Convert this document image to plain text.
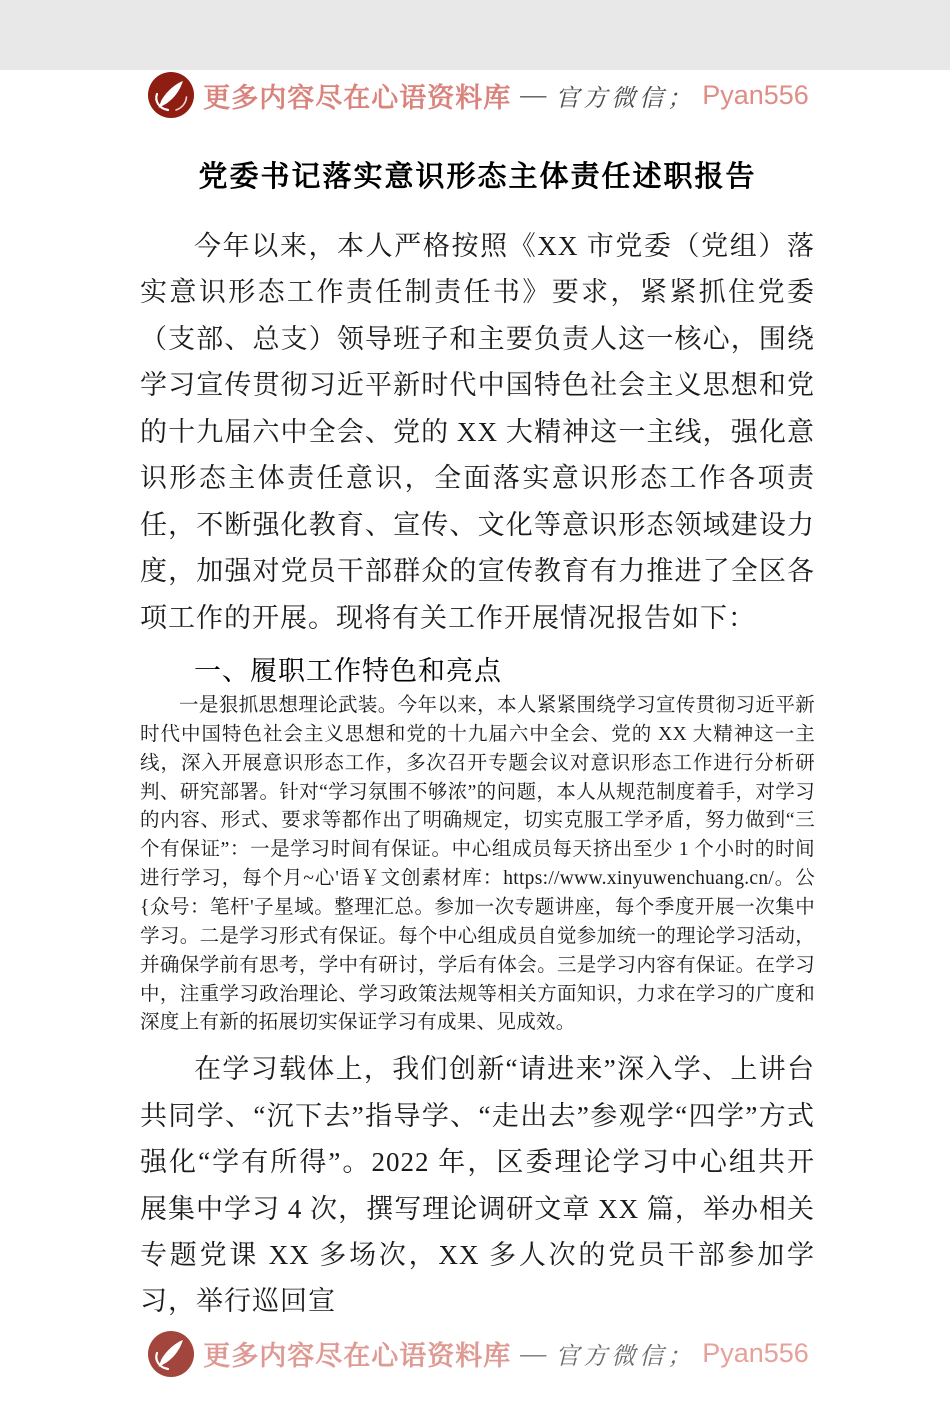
更多内容尽在心语资料库 — 官方微信； Pyan556
党委书记落实意识形态主体责任述职报告

今年以来，本人严格按照《XX 市党委（党组）落实意识形态工作责任制责任书》要求，紧紧抓住党委（支部、总支）领导班子和主要负责人这一核心，围绕学习宣传贯彻习近平新时代中国特色社会主义思想和党的十九届六中全会、党的 XX 大精神这一主线，强化意识形态主体责任意识，全面落实意识形态工作各项责任，不断强化教育、宣传、文化等意识形态领域建设力度，加强对党员干部群众的宣传教育有力推进了全区各项工作的开展。现将有关工作开展情况报告如下：

一、履职工作特色和亮点

一是狠抓思想理论武装。今年以来，本人紧紧围绕学习宣传贯彻习近平新时代中国特色社会主义思想和党的十九届六中全会、党的 XX 大精神这一主线，深入开展意识形态工作，多次召开专题会议对意识形态工作进行分析研判、研究部署。针对“学习氛围不够浓”的问题，本人从规范制度着手，对学习的内容、形式、要求等都作出了明确规定，切实克服工学矛盾，努力做到“三个有保证”：一是学习时间有保证。中心组成员每天挤出至少 1 个小时的时间进行学习，每个月~心'语￥文创素材库：https://www.xinyuwenchuang.cn/。公{众号：笔杆'子星域。整理汇总。参加一次专题讲座，每个季度开展一次集中学习。二是学习形式有保证。每个中心组成员自觉参加统一的理论学习活动，并确保学前有思考，学中有研讨，学后有体会。三是学习内容有保证。在学习中，注重学习政治理论、学习政策法规等相关方面知识，力求在学习的广度和深度上有新的拓展切实保证学习有成果、见成效。

在学习载体上，我们创新“请进来”深入学、上讲台共同学、“沉下去”指导学、“走出去”参观学“四学”方式强化“学有所得”。2022 年，区委理论学习中心组共开展集中学习 4 次，撰写理论调研文章 XX 篇，举办相关专题党课 XX 多场次，XX 多人次的党员干部参加学习，举行巡回宣

更多内容尽在心语资料库 — 官方微信； Pyan556
